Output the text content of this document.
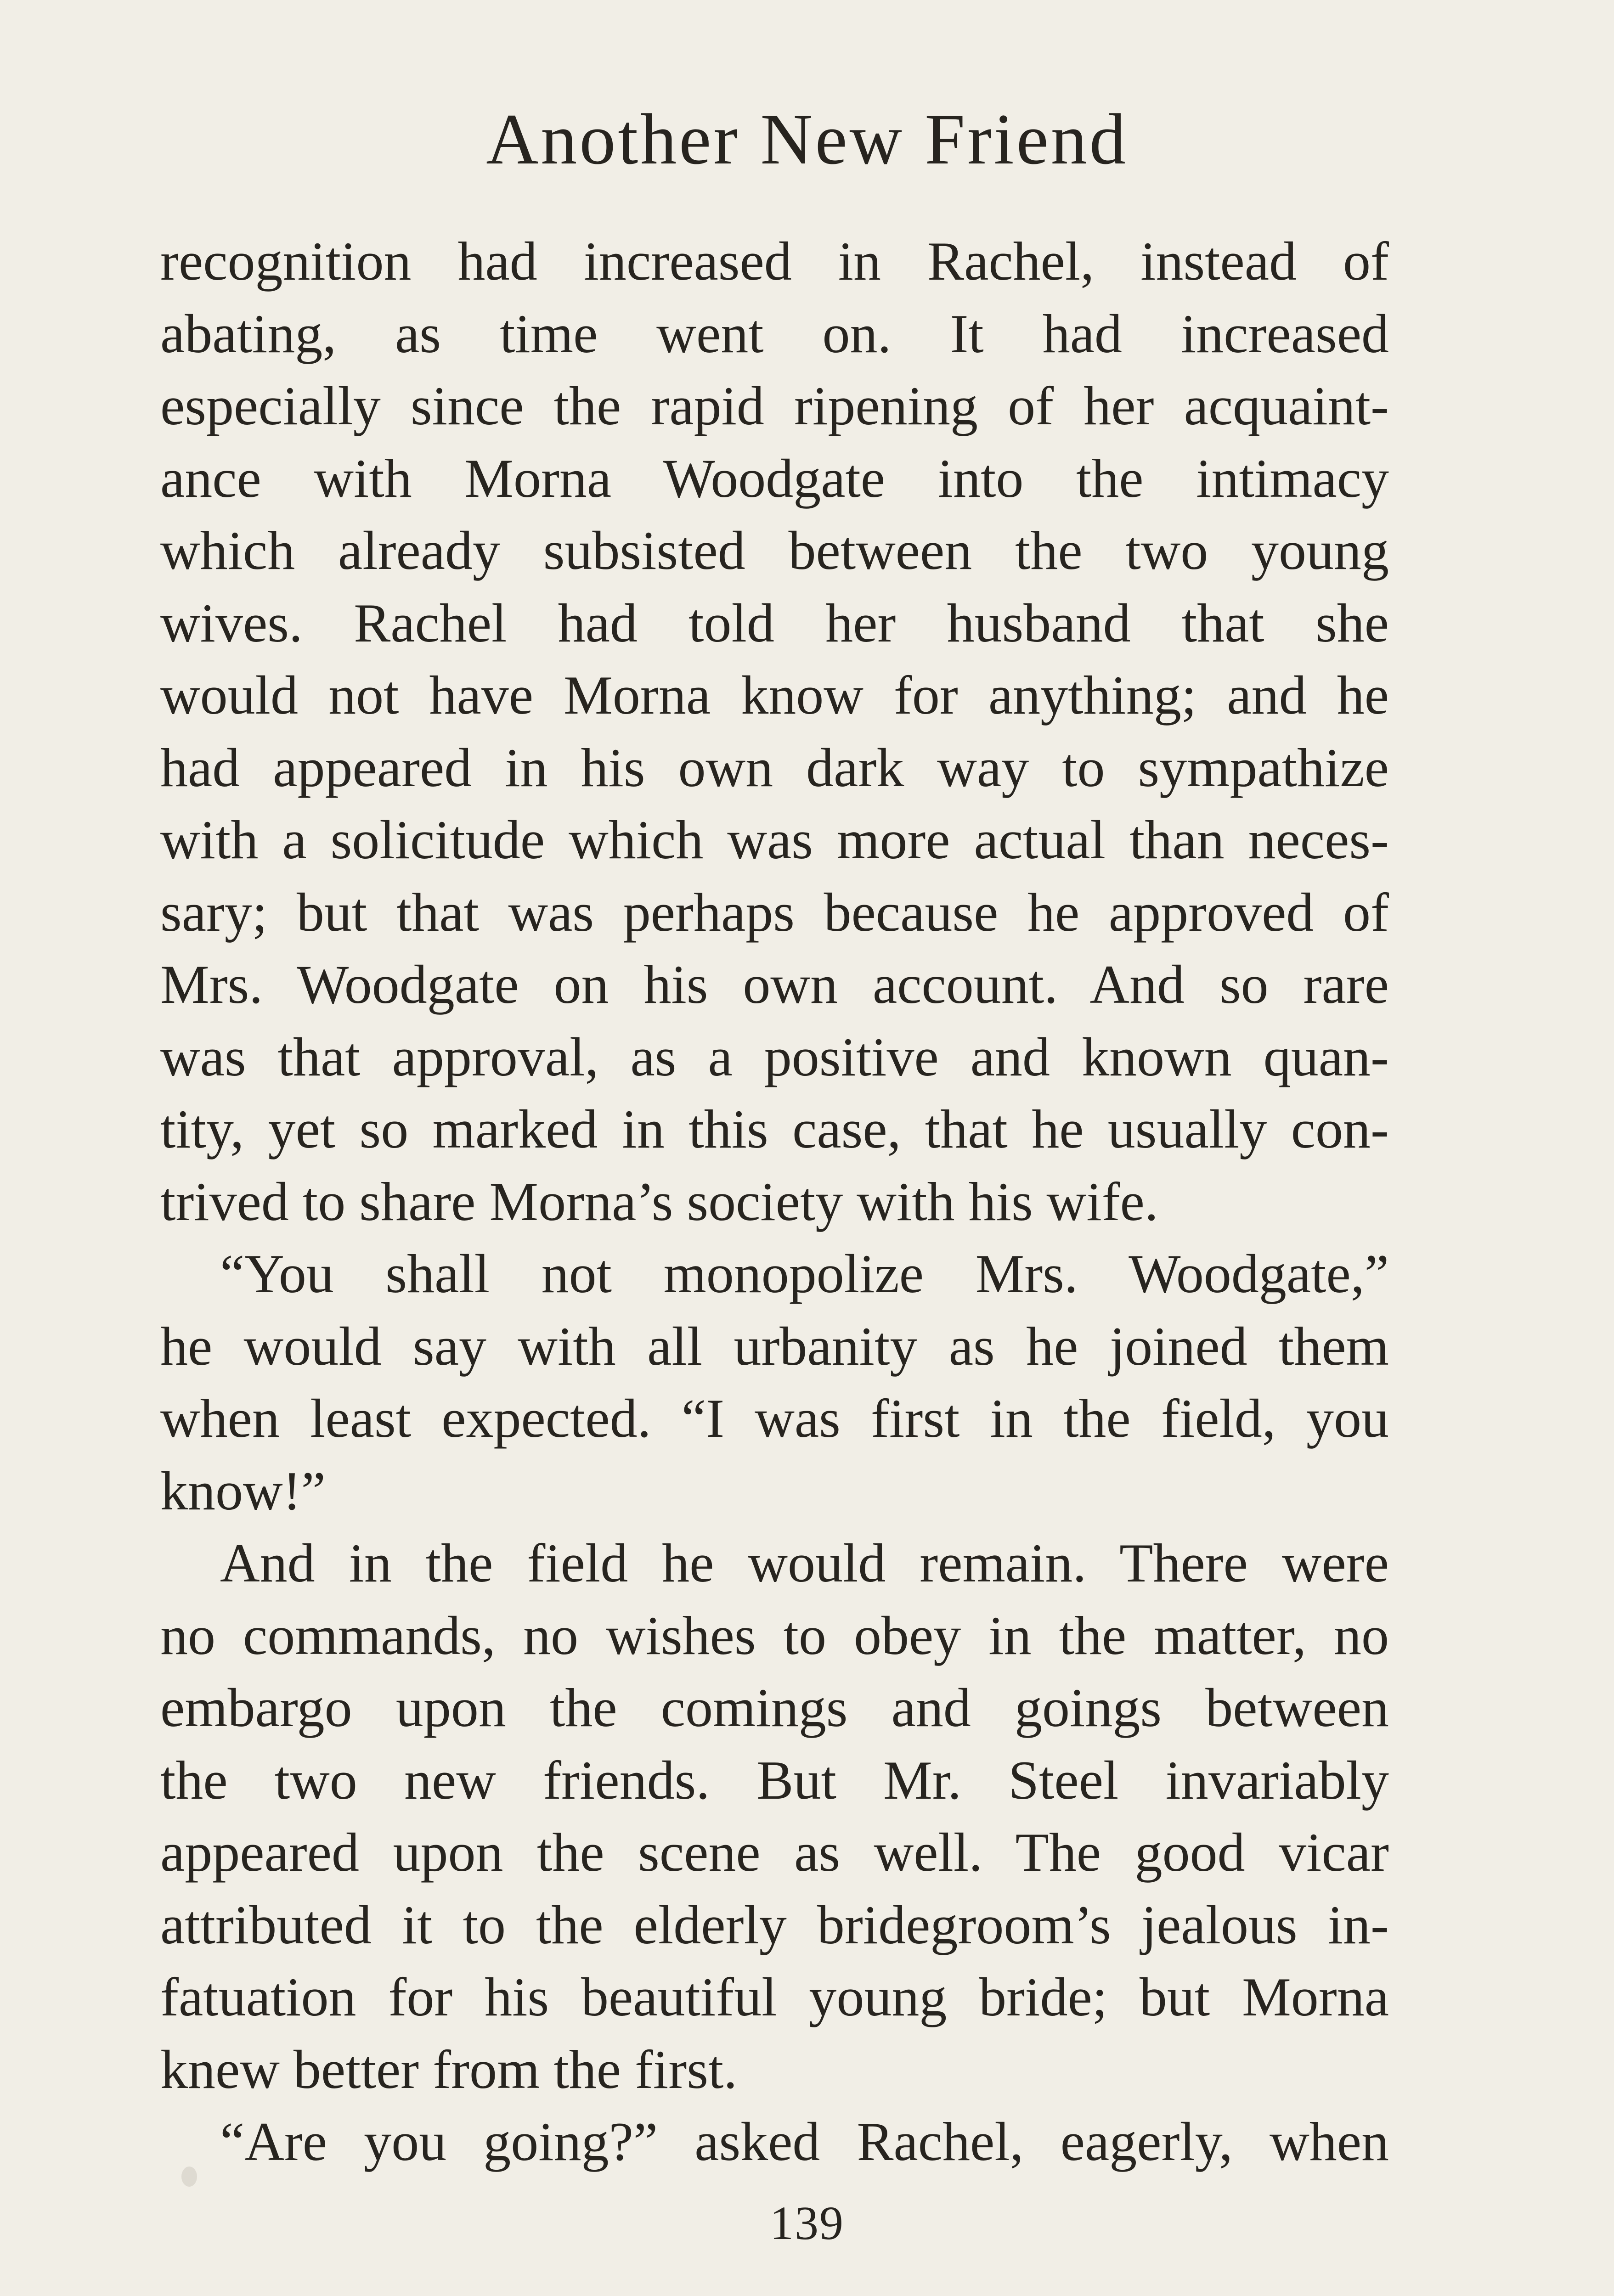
Another New Friend
recognition had increased in Rachel, instead of
abating, as time went on. It had increased
especially since the rapid ripening of her acquaint-
ance with Morna Woodgate into the intimacy
which already subsisted between the two young
wives. Rachel had told her husband that she
would not have Morna know for anything; and he
had appeared in his own dark way to sympathize
with a solicitude which was more actual than neces-
sary; but that was perhaps because he approved of
Mrs. Woodgate on his own account. And so rare
was that approval, as a positive and known quan-
tity, yet so marked in this case, that he usually con-
trived to share Morna’s society with his wife.
“You shall not monopolize Mrs. Woodgate,”
he would say with all urbanity as he joined them
when least expected. “I was first in the field, you
know!”
And in the field he would remain. There were
no commands, no wishes to obey in the matter, no
embargo upon the comings and goings between
the two new friends. But Mr. Steel invariably
appeared upon the scene as well. The good vicar
attributed it to the elderly bridegroom’s jealous in-
fatuation for his beautiful young bride; but Morna
knew better from the first.
“Are you going?” asked Rachel, eagerly, when
139
